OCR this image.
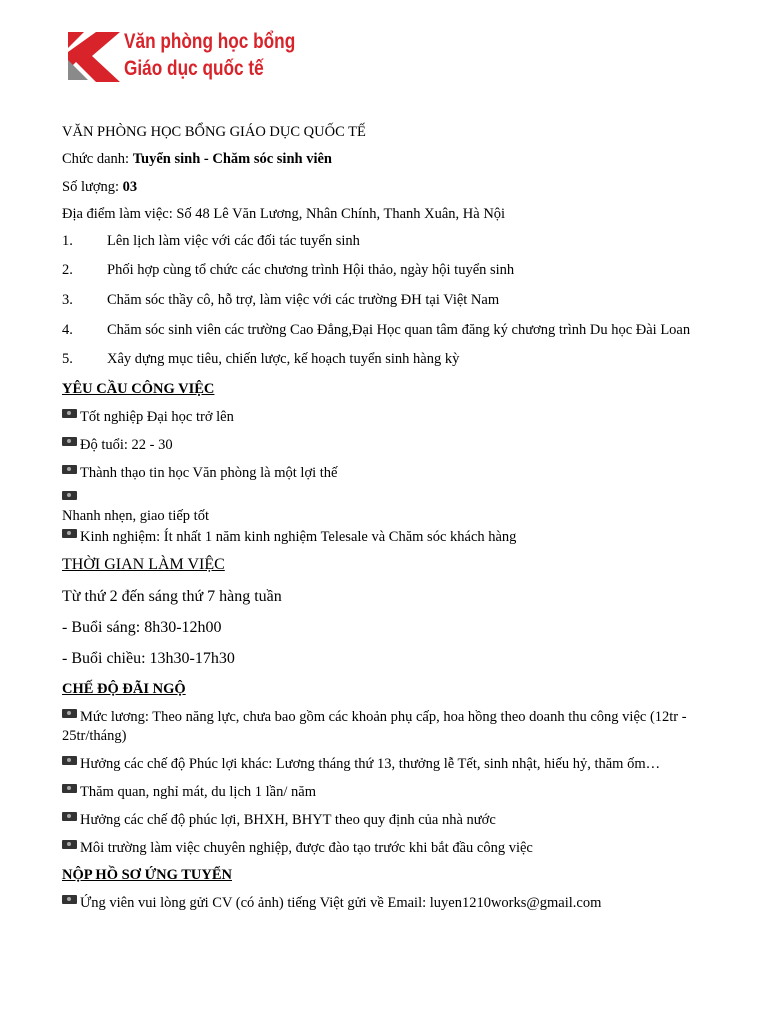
Văn phòng học bổng
Giáo dục quốc tế
VĂN PHÒNG HỌC BỔNG GIÁO DỤC QUỐC TẾ
Chức danh: Tuyển sinh - Chăm sóc sinh viên
Số lượng: 03
Địa điểm làm việc: Số 48 Lê Văn Lương, Nhân Chính, Thanh Xuân, Hà Nội
1. Lên lịch làm việc với các đối tác tuyển sinh
2. Phối hợp cùng tổ chức các chương trình Hội thảo, ngày hội tuyển sinh
3. Chăm sóc thầy cô, hỗ trợ, làm việc với các trường ĐH tại Việt Nam
4. Chăm sóc sinh viên các trường Cao Đẳng,Đại Học quan tâm đăng ký chương trình Du học Đài Loan
5. Xây dựng mục tiêu, chiến lược, kế hoạch tuyển sinh hàng kỳ
YÊU CẦU CÔNG VIỆC
Tốt nghiệp Đại học trở lên
Độ tuổi: 22 - 30
Thành thạo tin học Văn phòng là một lợi thế
Nhanh nhẹn, giao tiếp tốt
Kinh nghiệm: Ít nhất 1 năm kinh nghiệm Telesale và Chăm sóc khách hàng
THỜI GIAN LÀM VIỆC
Từ thứ 2 đến sáng thứ 7 hàng tuần
- Buổi sáng: 8h30-12h00
- Buổi chiều: 13h30-17h30
CHẾ ĐỘ ĐÃI NGỘ
Mức lương: Theo năng lực, chưa bao gồm các khoản phụ cấp, hoa hồng theo doanh thu công việc (12tr - 25tr/tháng)
Hưởng các chế độ Phúc lợi khác: Lương tháng thứ 13, thưởng lễ Tết, sinh nhật, hiếu hỷ, thăm ốm…
Thăm quan, nghỉ mát, du lịch 1 lần/ năm
Hưởng các chế độ phúc lợi, BHXH, BHYT theo quy định của nhà nước
Môi trường làm việc chuyên nghiệp, được đào tạo trước khi bắt đầu công việc
NỘP HỒ SƠ ỨNG TUYỂN
Ứng viên vui lòng gửi CV (có ảnh) tiếng Việt gửi về Email: luyen1210works@gmail.com
